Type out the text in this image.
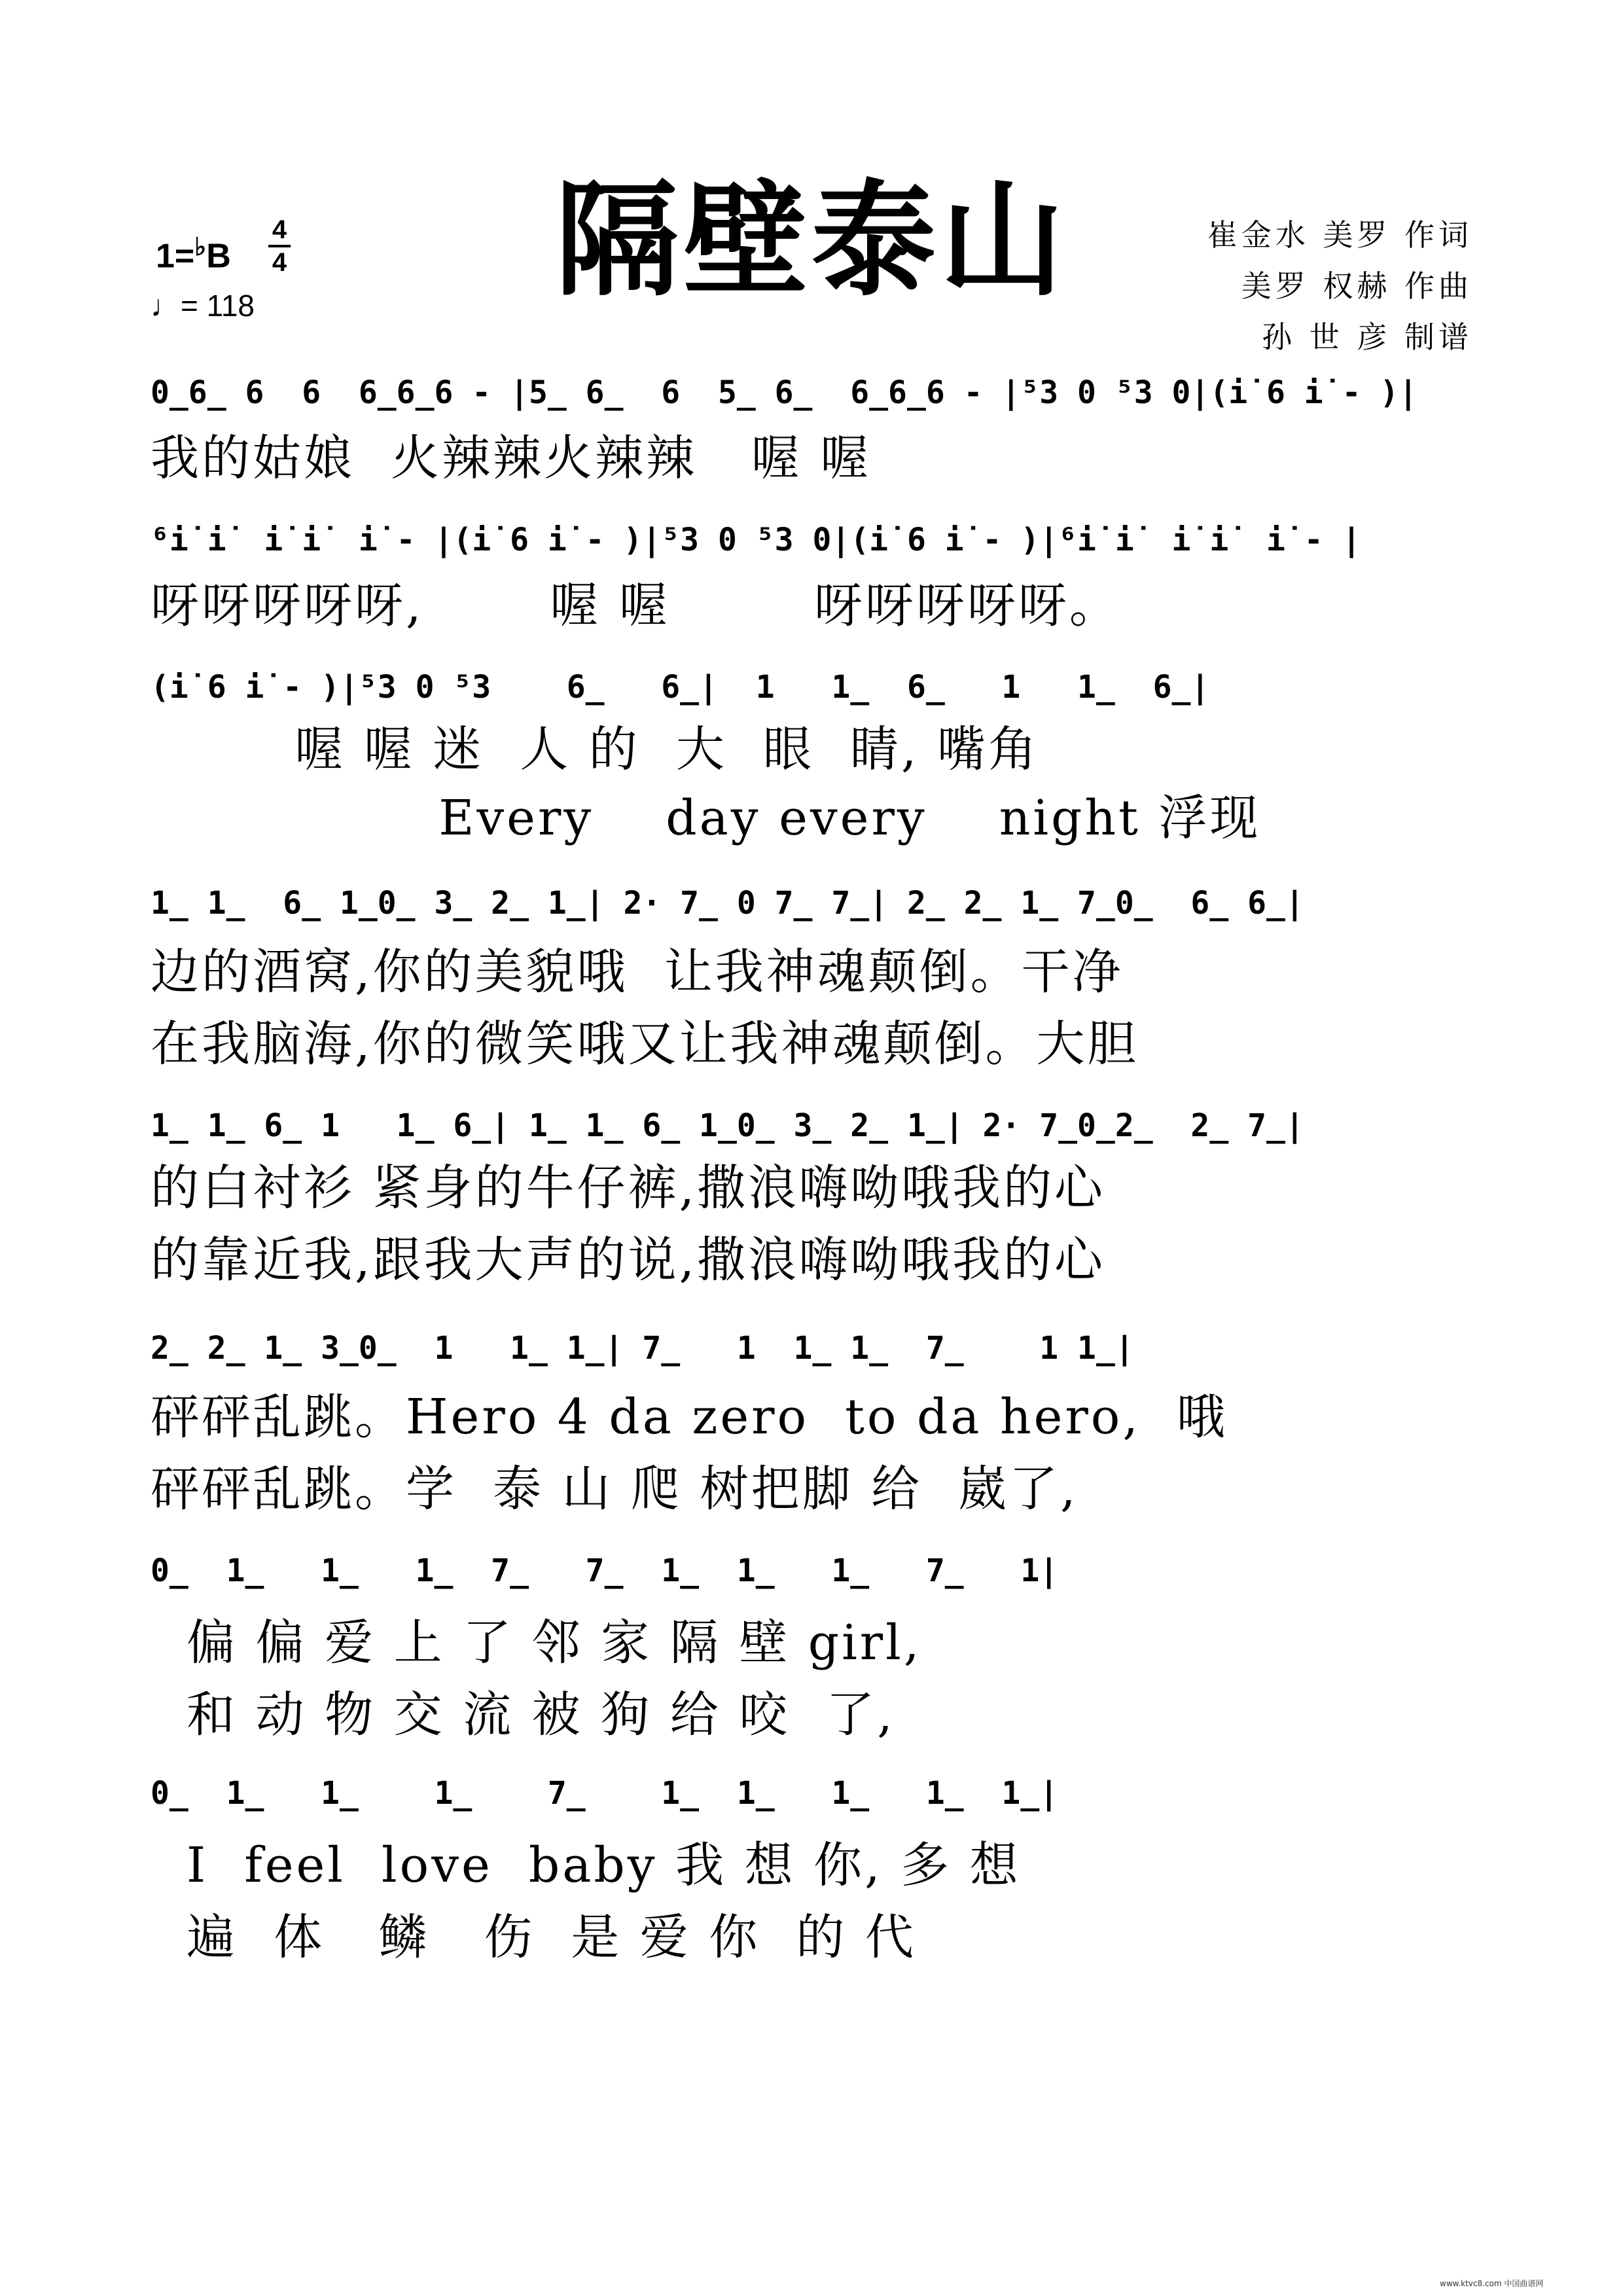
隔壁泰山
1=♭B
4
4
♩= 118
崔金水 美罗 作词
美罗 权赫 作曲
孙 世 彦 制谱
0̲6̲ 6  6  6̲6̲6 - |5̲ 6̲  6  5̲ 6̲  6̲6̲6 - |⁵3 0 ⁵3 0|(i̇ 6 i̇ - )|
我的姑娘  火辣辣火辣辣   喔 喔
⁶i̇ i̇  i̇ i̇  i̇ - |(i̇ 6 i̇ - )|⁵3 0 ⁵3 0|(i̇ 6 i̇ - )|⁶i̇ i̇  i̇ i̇  i̇ - |
呀呀呀呀呀,       喔 喔        呀呀呀呀呀。
(i̇ 6 i̇ - )|⁵3 0 ⁵3    6̲   6̲|  1   1̲  6̲   1   1̲  6̲|
喔 喔 迷  人 的  大  眼  睛, 嘴角
Every    day every    night 浮现
1̲ 1̲  6̲ 1̲0̲ 3̲ 2̲ 1̲| 2· 7̲ 0 7̲ 7̲| 2̲ 2̲ 1̲ 7̲0̲  6̲ 6̲|
边的酒窝,你的美貌哦  让我神魂颠倒。干净
在我脑海,你的微笑哦又让我神魂颠倒。大胆
1̲ 1̲ 6̲ 1   1̲ 6̲| 1̲ 1̲ 6̲ 1̲0̲ 3̲ 2̲ 1̲| 2· 7̲0̲2̲  2̲ 7̲|
的白衬衫 紧身的牛仔裤,撒浪嗨呦哦我的心
的靠近我,跟我大声的说,撒浪嗨呦哦我的心
2̲ 2̲ 1̲ 3̲0̲  1   1̲ 1̲| 7̲   1  1̲ 1̲  7̲    1 1̲|
砰砰乱跳。Hero 4 da zero  to da hero,  哦
砰砰乱跳。学  泰 山 爬 树把脚 给  崴了,
0̲  1̲   1̲   1̲  7̲   7̲  1̲  1̲   1̲   7̲   1|
偏 偏 爱 上 了 邻 家 隔 壁 girl,
和 动 物 交 流 被 狗 给 咬  了,
0̲  1̲   1̲    1̲    7̲    1̲  1̲   1̲   1̲  1̲|
I  feel  love  baby 我 想 你, 多 想
遍  体   鳞   伤  是 爱 你  的 代
www.ktvc8.com 中国曲谱网
